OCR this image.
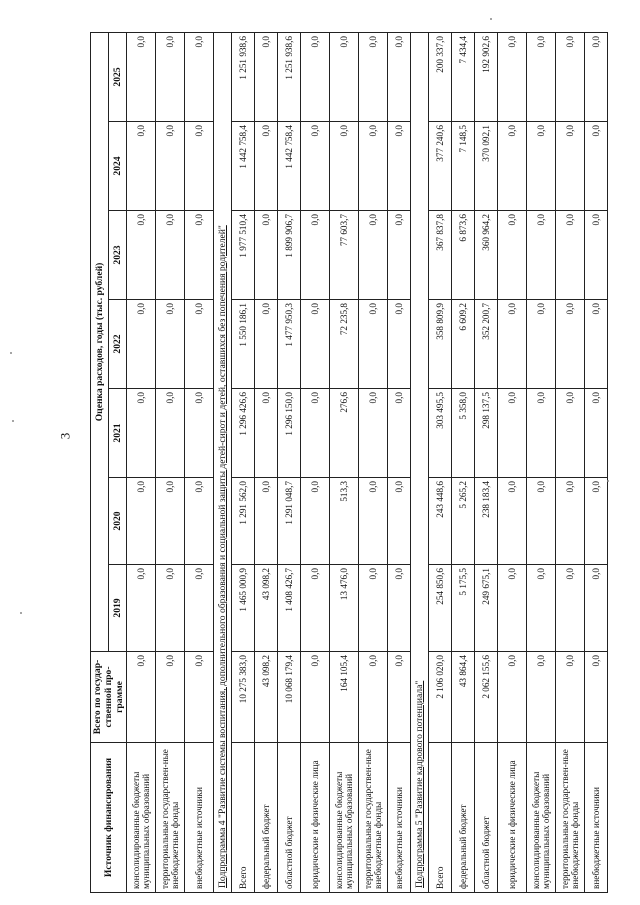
3
Источник финансирования	Всего по государ-ственной про-грамме	Оценка расходов, годы (тыс. рублей)						
		2019	2020	2021	2022	2023	2024	2025
консолидированные бюджеты муниципальных образований	0,0	0,0	0,0	0,0	0,0	0,0	0,0	0,0
территориальные государствен-ные внебюджетные фонды	0,0	0,0	0,0	0,0	0,0	0,0	0,0	0,0
внебюджетные источники	0,0	0,0	0,0	0,0	0,0	0,0	0,0	0,0
Подпрограмма 4 "Развитие системы воспитания, дополнительного образования и социальной защиты детей-сирот и детей, оставшихся без попечения родителей"								
Всего	10 275 383,0	1 465 000,9	1 291 562,0	1 296 426,6	1 550 186,1	1 977 510,4	1 442 758,4	1 251 938,6
федеральный бюджет	43 098,2	43 098,2	0,0	0,0	0,0	0,0	0,0	0,0
областной бюджет	10 068 179,4	1 408 426,7	1 291 048,7	1 296 150,0	1 477 950,3	1 899 906,7	1 442 758,4	1 251 938,6
юридические и физические лица	0,0	0,0	0,0	0,0	0,0	0,0	0,0	0,0
консолидированные бюджеты муниципальных образований	164 105,4	13 476,0	513,3	276,6	72 235,8	77 603,7	0,0	0,0
территориальные государствен-ные внебюджетные фонды	0,0	0,0	0,0	0,0	0,0	0,0	0,0	0,0
внебюджетные источники	0,0	0,0	0,0	0,0	0,0	0,0	0,0	0,0
Подпрограмма 5 "Развитие кадрового потенциала"								
Всего	2 106 020,0	254 850,6	243 448,6	303 495,5	358 809,9	367 837,8	377 240,6	200 337,0
федеральный бюджет	43 864,4	5 175,5	5 265,2	5 358,0	6 609,2	6 873,6	7 148,5	7 434,4
областной бюджет	2 062 155,6	249 675,1	238 183,4	298 137,5	352 200,7	360 964,2	370 092,1	192 902,6
юридические и физические лица	0,0	0,0	0,0	0,0	0,0	0,0	0,0	0,0
консолидированные бюджеты муниципальных образований	0,0	0,0	0,0	0,0	0,0	0,0	0,0	0,0
территориальные государствен-ные внебюджетные фонды	0,0	0,0	0,0	0,0	0,0	0,0	0,0	0,0
внебюджетные источники	0,0	0,0	0,0	0,0	0,0	0,0	0,0	0,0
